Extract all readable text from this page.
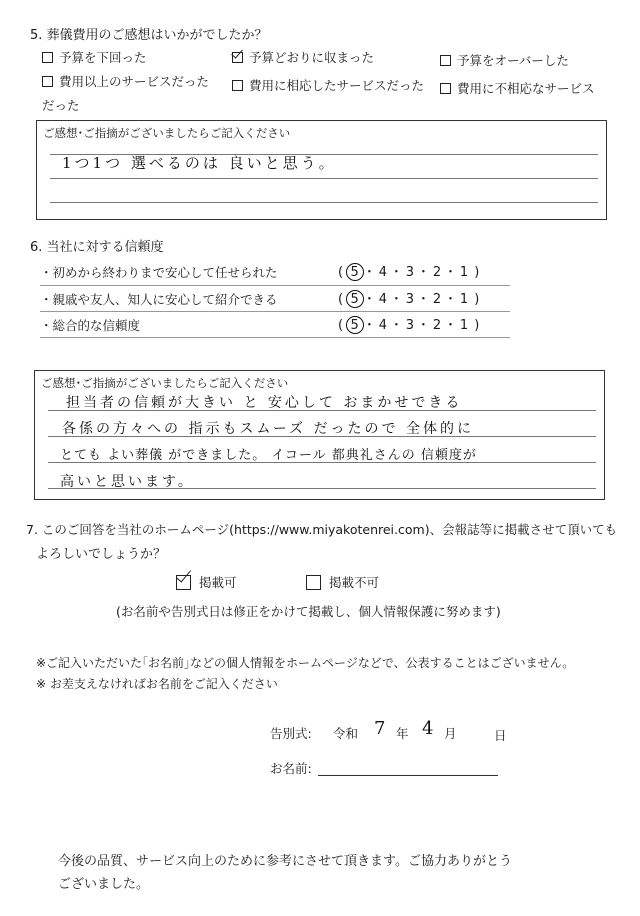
5. 葬儀費用のご感想はいかがでしたか？
予算を下回った	予算どおりに収まった	予算をオーバーした
費用以上のサービスだった	費用に相応したサービスだった	費用に不相応なサービス
だった
ご感想･ご指摘がございましたらご記入ください
1つ1つ 選べるのは 良いと思う。
6. 当社に対する信頼度
・初めから終わりまで安心して任せられた	( 5 ･ 4 ･ 3 ･ 2 ･ 1 )
・親戚や友人、知人に安心して紹介できる	( 5 ･ 4 ･ 3 ･ 2 ･ 1 )
・総合的な信頼度	( 5 ･ 4 ･ 3 ･ 2 ･ 1 )
ご感想･ご指摘がございましたらご記入ください
担当者の信頼が大きい と 安心して おまかせできる
各係の方々への 指示もスムーズ だったので 全体的に
とても よい葬儀 ができました。 イコール 都典礼さんの 信頼度が
高いと思います。
7. このご回答を当社のホームページ(https://www.miyakotenrei.com)、会報誌等に掲載させて頂いても
よろしいでしょうか？
掲載可	掲載不可
(お名前や告別式日は修正をかけて掲載し、個人情報保護に努めます)
※ご記入いただいた｢お名前｣などの個人情報をホームページなどで、公表することはございません。
※ お差支えなければお名前をご記入ください
告別式: 令和 7 年 4 月	日
お名前:
今後の品質、サービス向上のために参考にさせて頂きます。ご協力ありがとう
ございました。
